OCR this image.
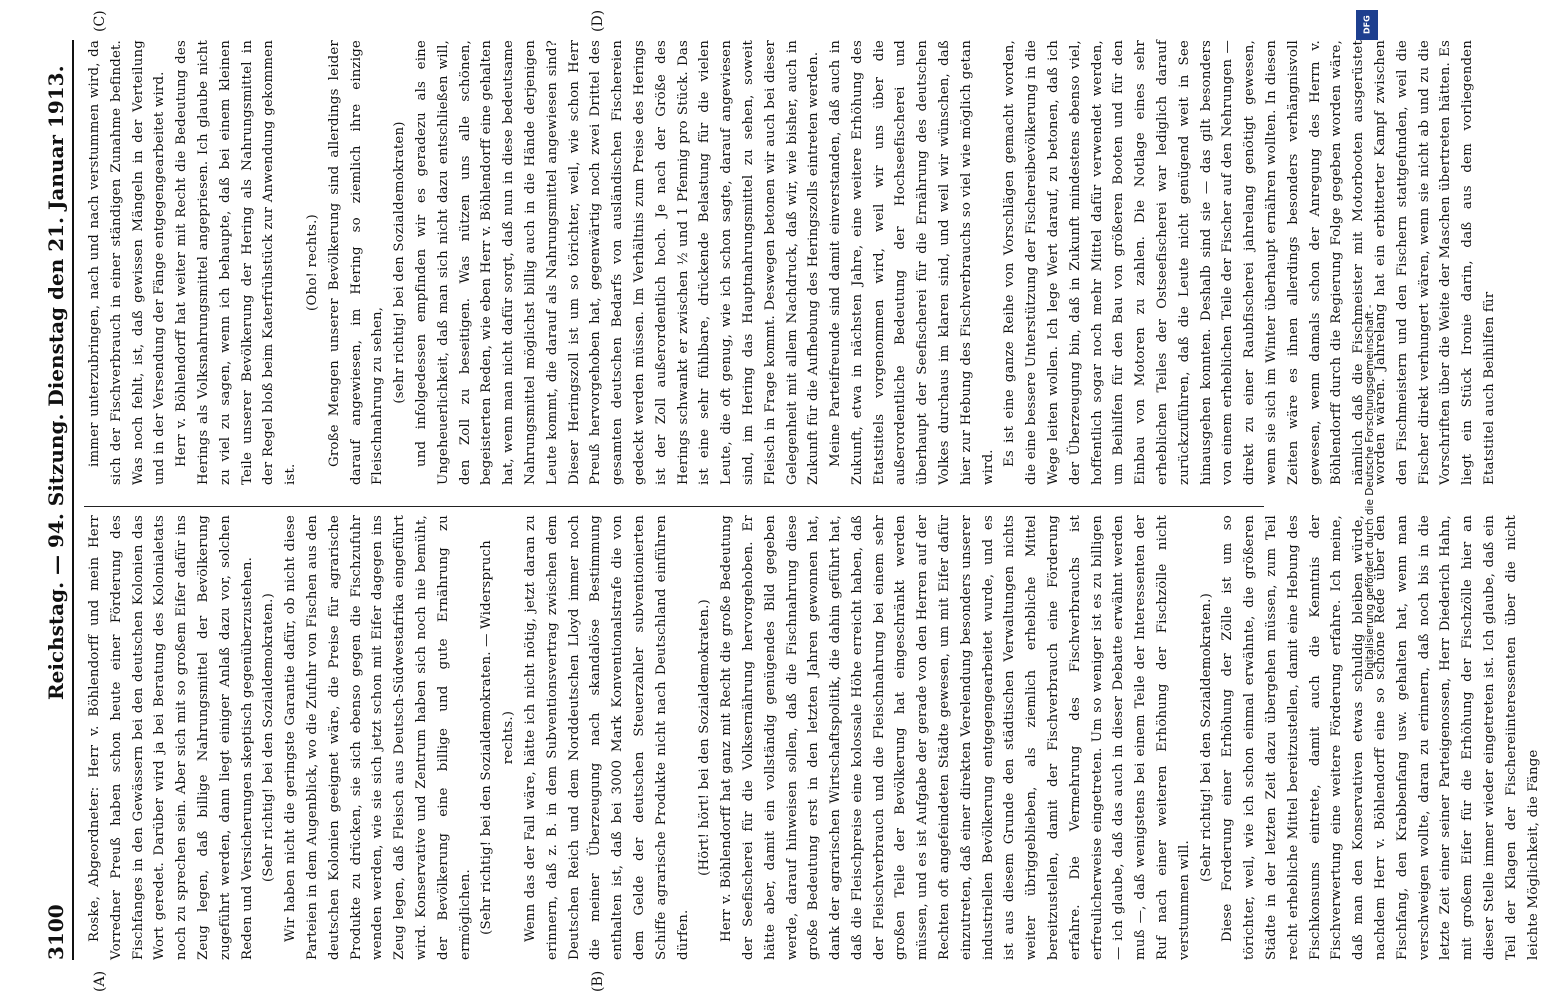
3100
Reichstag. — 94. Sitzung. Dienstag den 21. Januar 1913.
(A)	(B)
(C)	(D)

Roske, Abgeordneter: Herr v. Böhlendorff und mein Herr Vorredner Preuß haben schon heute einer Förderung des Fischfanges in den Gewässern bei den deutschen Kolonien das Wort geredet. Darüber wird ja bei Beratung des Kolonialetats noch zu sprechen sein. Aber sich mit so großem Eifer dafür ins Zeug legen, daß billige Nahrungsmittel der Bevölkerung zugeführt werden, dann liegt einiger Anlaß dazu vor, solchen Reden und Versicherungen skeptisch gegenüberzustehen. (Sehr richtig! bei den Sozialdemokraten.) Wir haben nicht die geringste Garantie dafür, ob nicht diese Parteien in dem Augenblick, wo die Zufuhr von Fischen aus den deutschen Kolonien geeignet wäre, die Preise für agrarische Produkte zu drücken, sie sich ebenso gegen die Fischzufuhr wenden werden, wie sie sich jetzt schon mit Eifer dagegen ins Zeug legen, daß Fleisch aus Deutsch-Südwestafrika eingeführt wird. Konservative und Zentrum haben sich noch nie bemüht, der Bevölkerung eine billige und gute Ernährung zu ermöglichen. (Sehr richtig! bei den Sozialdemokraten. — Widerspruch rechts.) Wenn das der Fall wäre, hätte ich nicht nötig, jetzt daran zu erinnern, daß z. B. in dem Subventionsvertrag zwischen dem Deutschen Reich und dem Norddeutschen Lloyd immer noch die meiner Überzeugung nach skandalöse Bestimmung enthalten ist, daß bei 3000 Mark Konventionalstrafe die von dem Gelde der deutschen Steuerzahler subventionierten Schiffe agrarische Produkte nicht nach Deutschland einführen dürfen.

(Hört! hört! bei den Sozialdemokraten.) Herr v. Böhlendorff hat ganz mit Recht die große Bedeutung der Seefischerei für die Volksernährung hervorgehoben. Er hätte aber, damit ein vollständig genügendes Bild gegeben werde, darauf hinweisen sollen, daß die Fischnahrung diese große Bedeutung erst in den letzten Jahren gewonnen hat, dank der agrarischen Wirtschaftspolitik, die dahin geführt hat, daß die Fleischpreise eine kolossale Höhe erreicht haben, daß der Fleischverbrauch und die Fleischnahrung bei einem sehr großen Teile der Bevölkerung hat eingeschränkt werden müssen, und es ist Aufgabe der gerade von den Herren auf der Rechten oft angefeindeten Städte gewesen, um mit Eifer dafür einzutreten, daß einer direkten Verelendung besonders unserer industriellen Bevölkerung entgegengearbeitet wurde, und es ist aus diesem Grunde den städtischen Verwaltungen nichts weiter übriggeblieben, als ziemlich erhebliche Mittel bereitzustellen, damit der Fischverbrauch eine Förderung erfahre. Die Vermehrung des Fischverbrauchs ist erfreulicherweise eingetreten. Um so weniger ist es zu billigen — ich glaube, daß das auch in dieser Debatte erwähnt werden muß —, daß wenigstens bei einem Teile der Interessenten der Ruf nach einer weiteren Erhöhung der Fischzölle nicht verstummen will.

(Sehr richtig! bei den Sozialdemokraten.) Diese Forderung einer Erhöhung der Zölle ist um so törichter, weil, wie ich schon einmal erwähnte, die größeren Städte in der letzten Zeit dazu übergehen müssen, zum Teil recht erhebliche Mittel bereitzustellen, damit eine Hebung des Fischkonsums eintrete, damit auch die Kenntnis der Fischverwertung eine weitere Förderung erfahre. Ich meine, daß man den Konservativen etwas schuldig bleiben würde, nachdem Herr v. Böhlendorff eine so schöne Rede über den Fischfang, den Krabbenfang usw. gehalten hat, wenn man verschweigen wollte, daran zu erinnern, daß noch bis in die letzte Zeit einer seiner Parteigenossen, Herr Diederich Hahn, mit großem Eifer für die Erhöhung der Fischzölle hier an dieser Stelle immer wieder eingetreten ist. Ich glaube, daß ein Teil der Klagen der Fischereiinteressenten über die nicht leichte Möglichkeit, die Fänge

immer unterzubringen, nach und nach verstummen wird, da sich der Fischverbrauch in einer ständigen Zunahme befindet. Was noch fehlt, ist, daß gewissen Mängeln in der Verteilung und in der Versendung der Fänge entgegengearbeitet wird. Herr v. Böhlendorff hat weiter mit Recht die Bedeutung des Herings als Volksnahrungsmittel angepriesen. Ich glaube nicht zu viel zu sagen, wenn ich behaupte, daß bei einem kleinen Teile unserer Bevölkerung der Hering als Nahrungsmittel in der Regel bloß beim Katerfrühstück zur Anwendung gekommen ist.

(Oho! rechts.) Große Mengen unserer Bevölkerung sind allerdings leider darauf angewiesen, im Hering so ziemlich ihre einzige Fleischnahrung zu sehen, (sehr richtig! bei den Sozialdemokraten) und infolgedessen empfinden wir es geradezu als eine Ungeheuerlichkeit, daß man sich nicht dazu entschließen will, den Zoll zu beseitigen. Was nützen uns alle schönen, begeisterten Reden, wie eben Herr v. Böhlendorff eine gehalten hat, wenn man nicht dafür sorgt, daß nun in diese bedeutsame Nahrungsmittel möglichst billig auch in die Hände derjenigen Leute kommt, die darauf als Nahrungsmittel angewiesen sind? Dieser Heringszoll ist um so törichter, weil, wie schon Herr Preuß hervorgehoben hat, gegenwärtig noch zwei Drittel des gesamten deutschen Bedarfs von ausländischen Fischereien gedeckt werden müssen. Im Verhältnis zum Preise des Herings ist der Zoll außerordentlich hoch. Je nach der Größe des Herings schwankt er zwischen ½ und 1 Pfennig pro Stück. Das ist eine sehr fühlbare, drückende Belastung für die vielen Leute, die oft genug, wie ich schon sagte, darauf angewiesen sind, im Hering das Hauptnahrungsmittel zu sehen, soweit Fleisch in Frage kommt. Deswegen betonen wir auch bei dieser Gelegenheit mit allem Nachdruck, daß wir, wie bisher, auch in Zukunft für die Aufhebung des Heringszolls eintreten werden. Meine Parteifreunde sind damit einverstanden, daß auch in Zukunft, etwa in nächsten Jahre, eine weitere Erhöhung des Etatstitels vorgenommen wird, weil wir uns über die außerordentliche Bedeutung der Hochseefischerei und überhaupt der Seefischerei für die Ernährung des deutschen Volkes durchaus im klaren sind, und weil wir wünschen, daß hier zur Hebung des Fischverbrauchs so viel wie möglich getan wird.

Es ist eine ganze Reihe von Vorschlägen gemacht worden, die eine bessere Unterstützung der Fischereibevölkerung in die Wege leiten wollen. Ich lege Wert darauf, zu betonen, daß ich der Überzeugung bin, daß in Zukunft mindestens ebenso viel, hoffentlich sogar noch mehr Mittel dafür verwendet werden, um Beihilfen für den Bau von größeren Booten und für den Einbau von Motoren zu zahlen. Die Notlage eines sehr erheblichen Teiles der Ostseefischerei war lediglich darauf zurückzuführen, daß die Leute nicht genügend weit in See hinausgehen konnten. Deshalb sind sie — das gilt besonders von einem erheblichen Teile der Fischer auf den Nehrungen — direkt zu einer Raubfischerei jahrelang genötigt gewesen, wenn sie sich im Winter überhaupt ernähren wollten. In diesen Zeiten wäre es ihnen allerdings besonders verhängnisvoll gewesen, wenn damals schon der Anregung des Herrn v. Böhlendorff durch die Regierung Folge gegeben worden wäre, nämlich daß die Fischmeister mit Motorbooten ausgerüstet worden wären. Jahrelang hat ein erbitterter Kampf zwischen den Fischmeistern und den Fischern stattgefunden, weil die Fischer direkt verhungert wären, wenn sie nicht ab und zu die Vorschriften über die Weite der Maschen übertreten hätten. Es liegt ein Stück Ironie darin, daß aus dem vorliegenden Etatstitel auch Beihilfen für

DFG
Digitalisierung gefördert durch die Deutsche Forschungsgemeinschaft -
